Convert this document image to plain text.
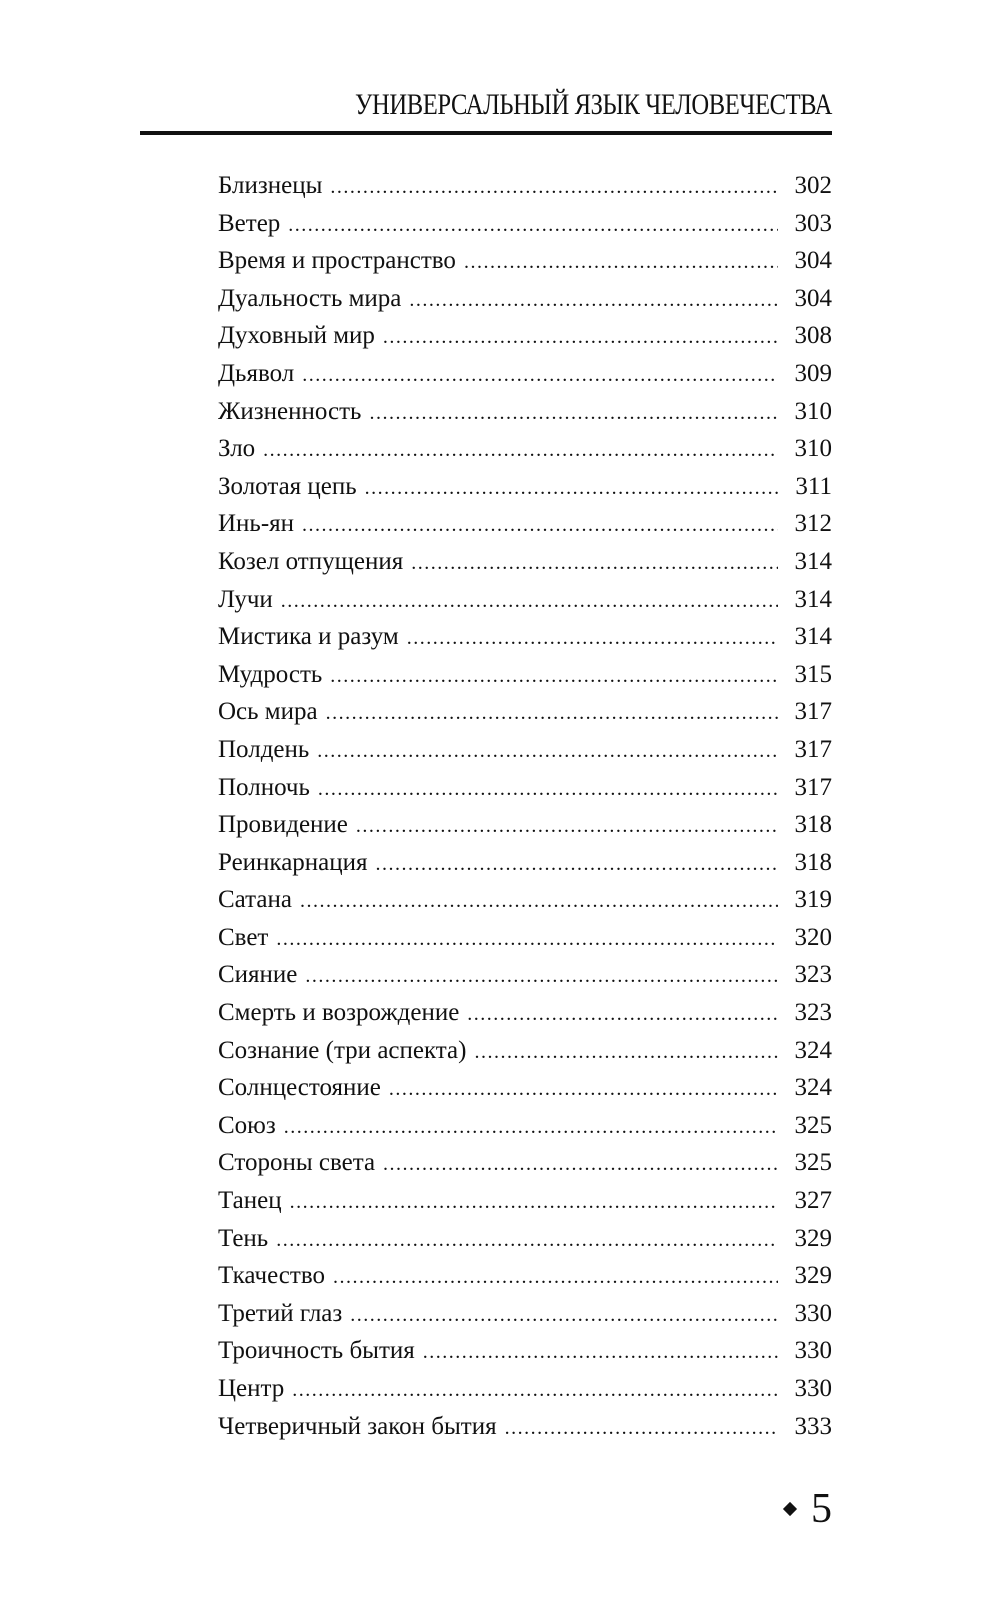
УНИВЕРСАЛЬНЫЙ ЯЗЫК ЧЕЛОВЕЧЕСТВА
Близнецы .....	302
Ветер .....	303
Время и пространство .....	304
Дуальность мира .....	304
Духовный мир .....	308
Дьявол .....	309
Жизненность .....	310
Зло .....	310
Золотая цепь .....	311
Инь-ян .....	312
Козел отпущения .....	314
Лучи .....	314
Мистика и разум .....	314
Мудрость .....	315
Ось мира .....	317
Полдень .....	317
Полночь .....	317
Провидение .....	318
Реинкарнация .....	318
Сатана .....	319
Свет .....	320
Сияние .....	323
Смерть и возрождение .....	323
Сознание (три аспекта) .....	324
Солнцестояние .....	324
Союз .....	325
Стороны света .....	325
Танец .....	327
Тень .....	329
Ткачество .....	329
Третий глаз .....	330
Троичность бытия .....	330
Центр .....	330
Четверичный закон бытия .....	333
5
